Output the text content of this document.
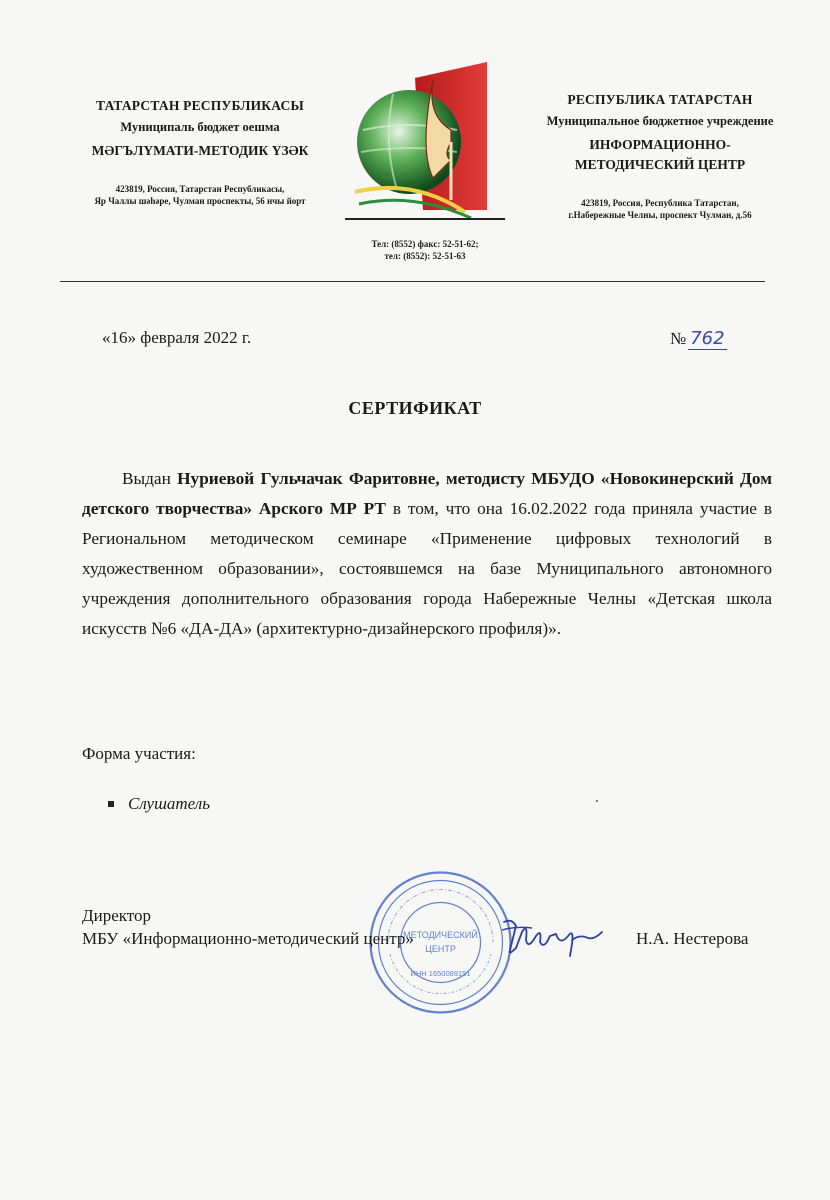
ТАТАРСТАН РЕСПУБЛИКАСЫ
Муниципаль бюджет оешма
МӘГЪЛҮМАТИ-МЕТОДИК ҮЗӘК
423819, Россия, Татарстан Республикасы,
Яр Чаллы шәһәре, Чулман проспекты, 56 нчы йорт
Тел: (8552) факс: 52-51-62;
тел: (8552): 52-51-63
РЕСПУБЛИКА ТАТАРСТАН
Муниципальное бюджетное учреждение
ИНФОРМАЦИОННО-
МЕТОДИЧЕСКИЙ ЦЕНТР
423819, Россия, Республика Татарстан,
г.Набережные Челны, проспект Чулман, д.56
«16» февраля 2022 г.	№ 762
СЕРТИФИКАТ
Выдан Нуриевой Гульчачак Фаритовне, методисту МБУДО «Новокинерский Дом детского творчества» Арского МР РТ в том, что она 16.02.2022 года приняла участие в Региональном методическом семинаре «Применение цифровых технологий в художественном образовании», состоявшемся на базе Муниципального автономного учреждения дополнительного образования города Набережные Челны «Детская школа искусств №6 «ДА-ДА» (архитектурно-дизайнерского профиля)».
Форма участия:
Слушатель
МЕТОДИЧЕСКИЙ
ЦЕНТР
ИНН 1650089151
Директор
МБУ «Информационно-методический центр»	Н.А. Нестерова
